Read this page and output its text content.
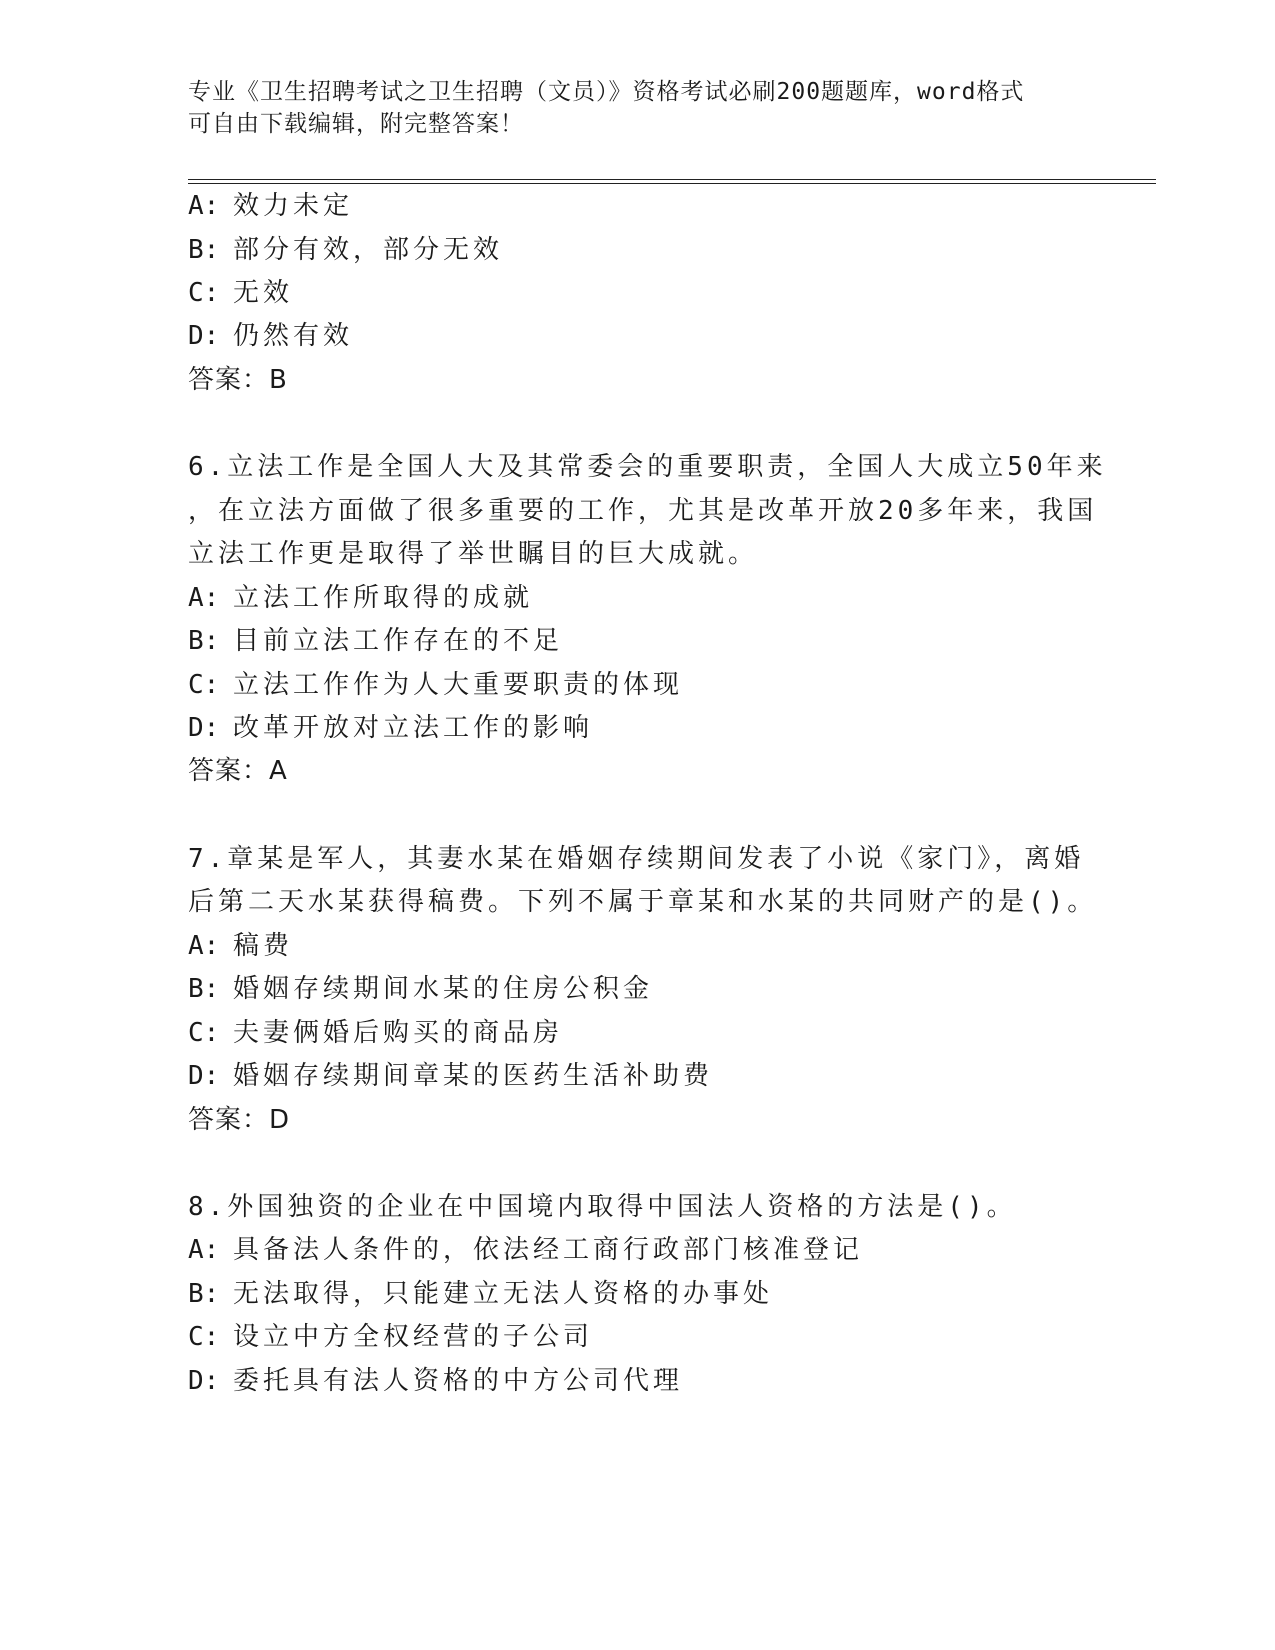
专业《卫生招聘考试之卫生招聘（文员）》资格考试必刷200题题库，word格式
可自由下载编辑，附完整答案！
A: 效力未定
B: 部分有效，部分无效
C: 无效
D: 仍然有效
答案：B
6.立法工作是全国人大及其常委会的重要职责，全国人大成立50年来
，在立法方面做了很多重要的工作，尤其是改革开放20多年来，我国
立法工作更是取得了举世瞩目的巨大成就。
A: 立法工作所取得的成就
B: 目前立法工作存在的不足
C: 立法工作作为人大重要职责的体现
D: 改革开放对立法工作的影响
答案：A
7.章某是军人，其妻水某在婚姻存续期间发表了小说《家门》，离婚
后第二天水某获得稿费。下列不属于章某和水某的共同财产的是()。
A: 稿费
B: 婚姻存续期间水某的住房公积金
C: 夫妻俩婚后购买的商品房
D: 婚姻存续期间章某的医药生活补助费
答案：D
8.外国独资的企业在中国境内取得中国法人资格的方法是()。
A: 具备法人条件的，依法经工商行政部门核准登记
B: 无法取得，只能建立无法人资格的办事处
C: 设立中方全权经营的子公司
D: 委托具有法人资格的中方公司代理
